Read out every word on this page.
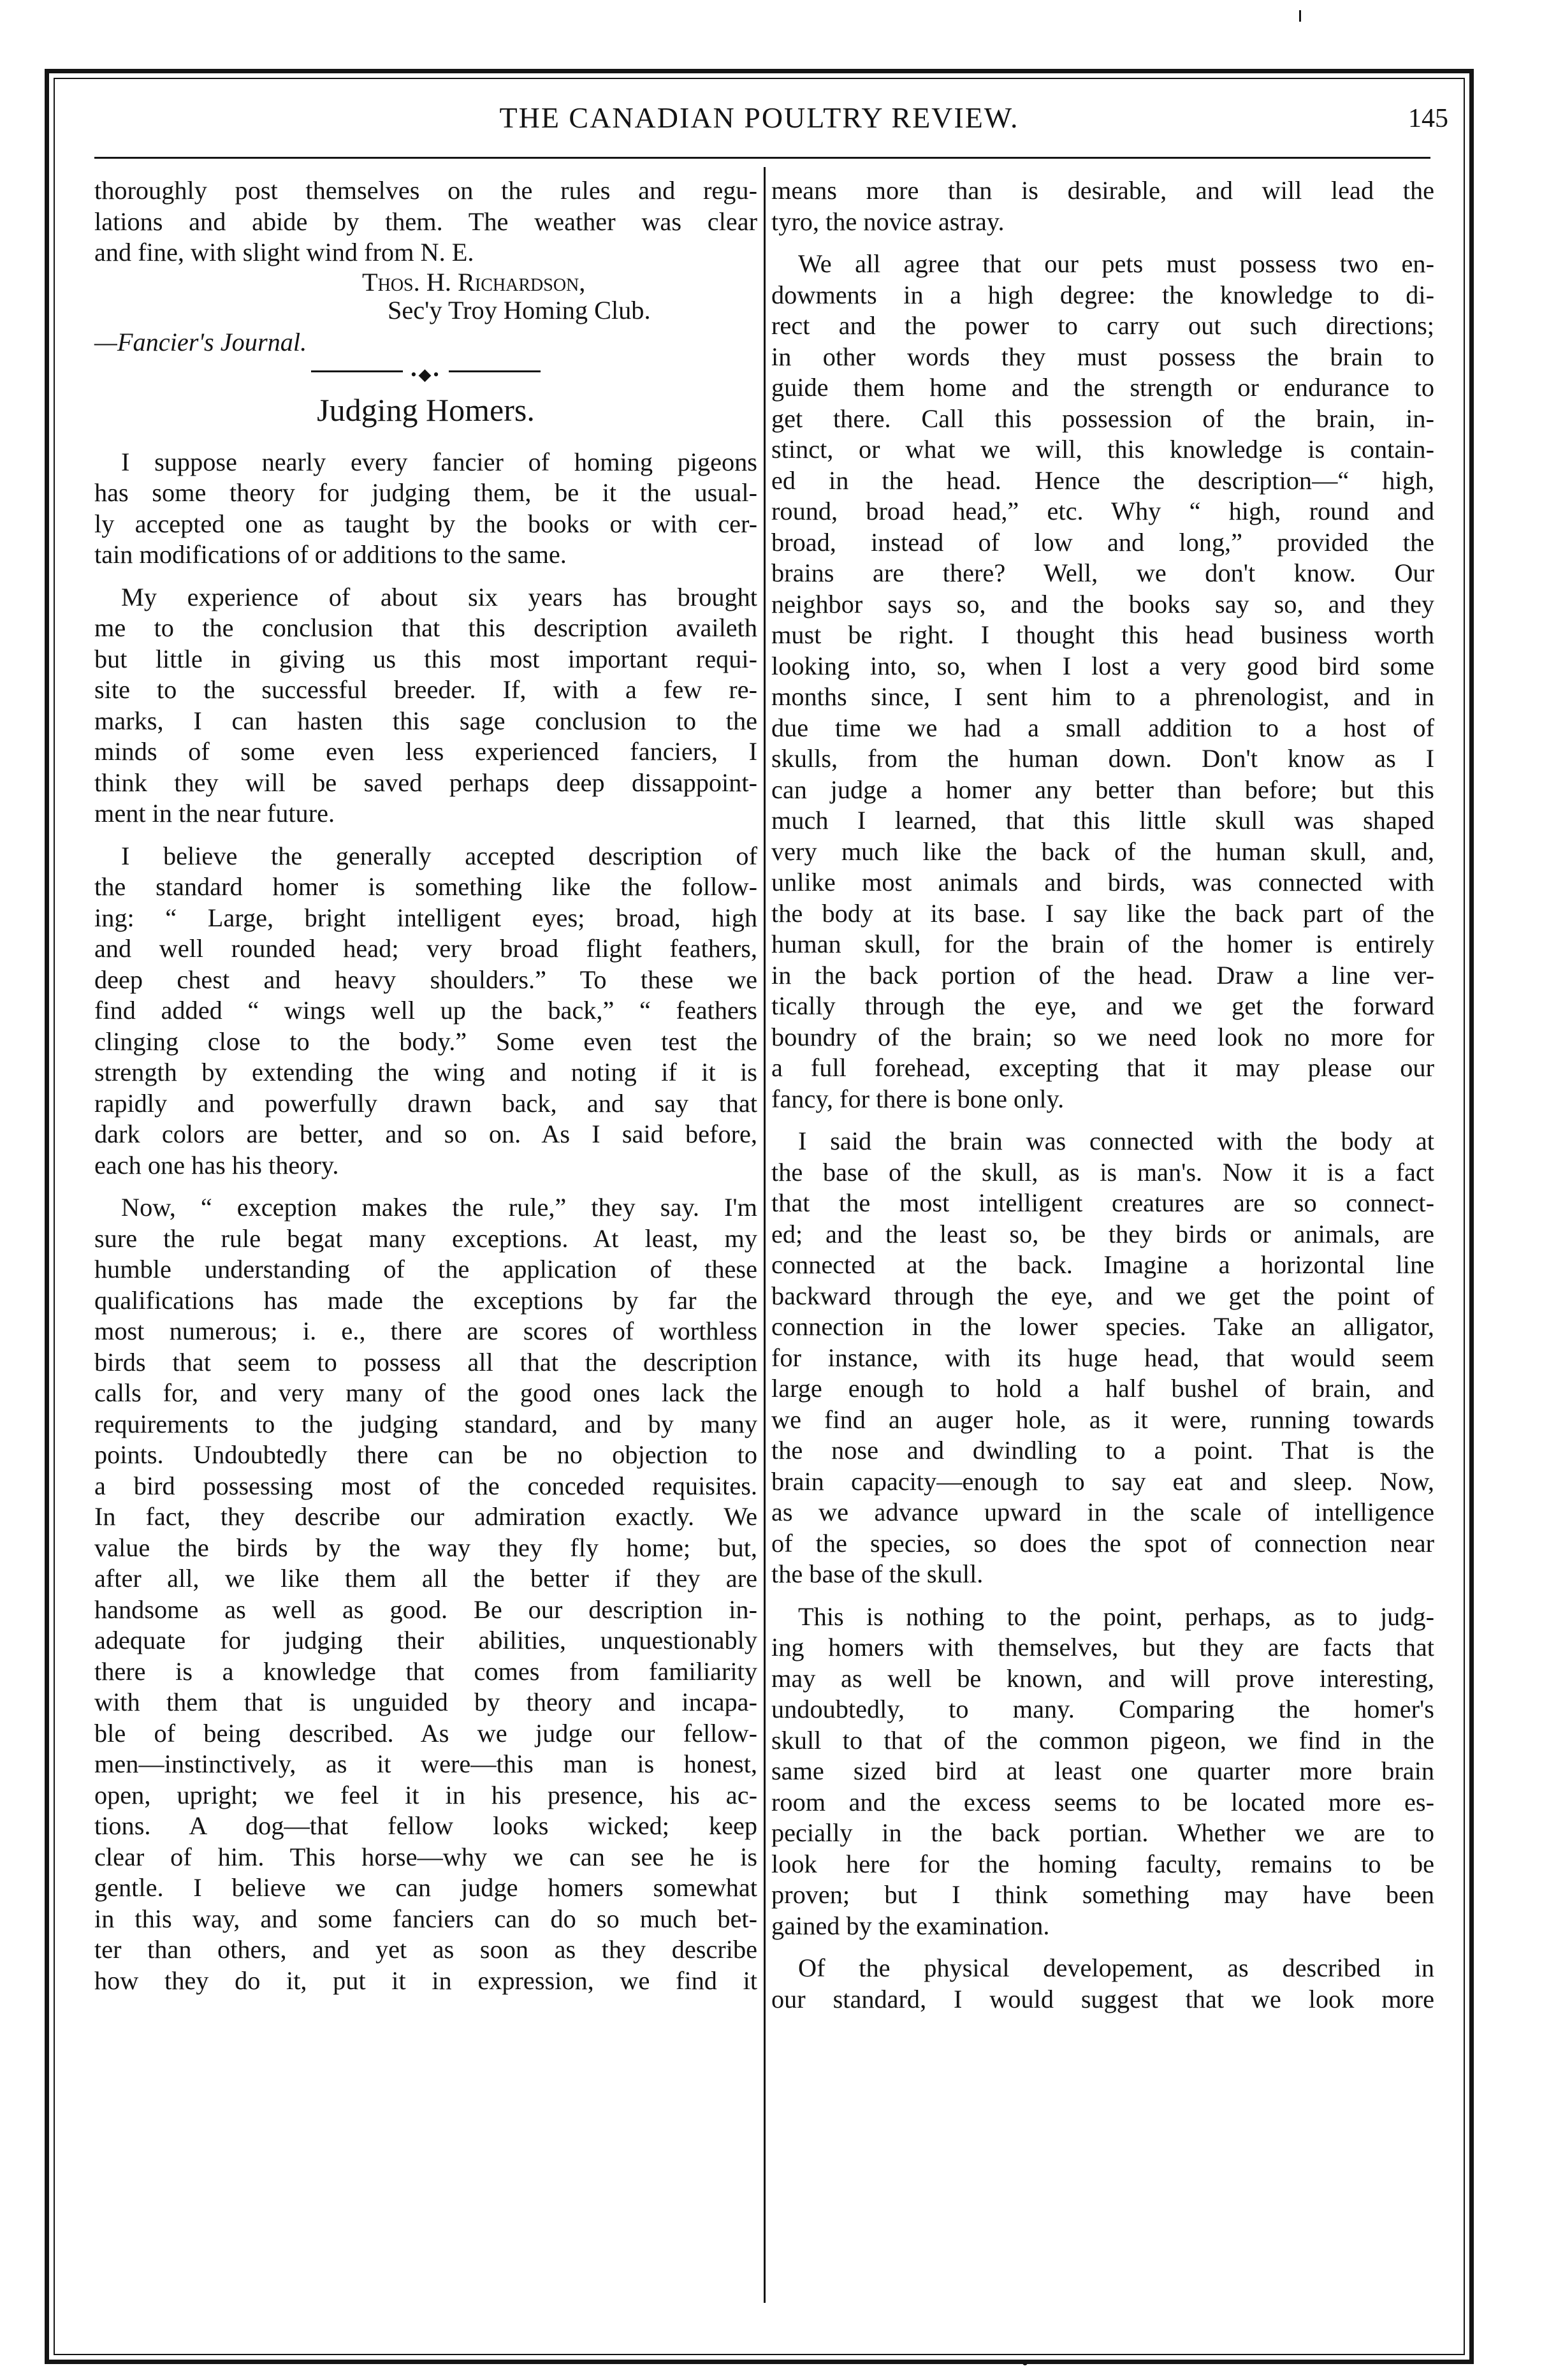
THE CANADIAN POULTRY REVIEW.	145
thoroughly post themselves on the rules and regu-
lations and abide by them. The weather was clear
and fine, with slight wind from N. E.
Thos. H. Richardson,
Sec'y Troy Homing Club.
—Fancier's Journal.
•◆•
Judging Homers.
I suppose nearly every fancier of homing pigeons
has some theory for judging them, be it the usual-
ly accepted one as taught by the books or with cer-
tain modifications of or additions to the same.
My experience of about six years has brought
me to the conclusion that this description availeth
but little in giving us this most important requi-
site to the successful breeder. If, with a few re-
marks, I can hasten this sage conclusion to the
minds of some even less experienced fanciers, I
think they will be saved perhaps deep dissappoint-
ment in the near future.
I believe the generally accepted description of
the standard homer is something like the follow-
ing: “ Large, bright intelligent eyes; broad, high
and well rounded head; very broad flight feathers,
deep chest and heavy shoulders.” To these we
find added “ wings well up the back,” “ feathers
clinging close to the body.” Some even test the
strength by extending the wing and noting if it is
rapidly and powerfully drawn back, and say that
dark colors are better, and so on. As I said before,
each one has his theory.
Now, “ exception makes the rule,” they say. I'm
sure the rule begat many exceptions. At least, my
humble understanding of the application of these
qualifications has made the exceptions by far the
most numerous; i. e., there are scores of worthless
birds that seem to possess all that the description
calls for, and very many of the good ones lack the
requirements to the judging standard, and by many
points. Undoubtedly there can be no objection to
a bird possessing most of the conceded requisites.
In fact, they describe our admiration exactly. We
value the birds by the way they fly home; but,
after all, we like them all the better if they are
handsome as well as good. Be our description in-
adequate for judging their abilities, unquestionably
there is a knowledge that comes from familiarity
with them that is unguided by theory and incapa-
ble of being described. As we judge our fellow-
men—instinctively, as it were—this man is honest,
open, upright; we feel it in his presence, his ac-
tions. A dog—that fellow looks wicked; keep
clear of him. This horse—why we can see he is
gentle. I believe we can judge homers somewhat
in this way, and some fanciers can do so much bet-
ter than others, and yet as soon as they describe
how they do it, put it in expression, we find it
means more than is desirable, and will lead the
tyro, the novice astray.
We all agree that our pets must possess two en-
dowments in a high degree: the knowledge to di-
rect and the power to carry out such directions;
in other words they must possess the brain to
guide them home and the strength or endurance to
get there. Call this possession of the brain, in-
stinct, or what we will, this knowledge is contain-
ed in the head. Hence the description—“ high,
round, broad head,” etc. Why “ high, round and
broad, instead of low and long,” provided the
brains are there? Well, we don't know. Our
neighbor says so, and the books say so, and they
must be right. I thought this head business worth
looking into, so, when I lost a very good bird some
months since, I sent him to a phrenologist, and in
due time we had a small addition to a host of
skulls, from the human down. Don't know as I
can judge a homer any better than before; but this
much I learned, that this little skull was shaped
very much like the back of the human skull, and,
unlike most animals and birds, was connected with
the body at its base. I say like the back part of the
human skull, for the brain of the homer is entirely
in the back portion of the head. Draw a line ver-
tically through the eye, and we get the forward
boundry of the brain; so we need look no more for
a full forehead, excepting that it may please our
fancy, for there is bone only.
I said the brain was connected with the body at
the base of the skull, as is man's. Now it is a fact
that the most intelligent creatures are so connect-
ed; and the least so, be they birds or animals, are
connected at the back. Imagine a horizontal line
backward through the eye, and we get the point of
connection in the lower species. Take an alligator,
for instance, with its huge head, that would seem
large enough to hold a half bushel of brain, and
we find an auger hole, as it were, running towards
the nose and dwindling to a point. That is the
brain capacity—enough to say eat and sleep. Now,
as we advance upward in the scale of intelligence
of the species, so does the spot of connection near
the base of the skull.
This is nothing to the point, perhaps, as to judg-
ing homers with themselves, but they are facts that
may as well be known, and will prove interesting,
undoubtedly, to many. Comparing the homer's
skull to that of the common pigeon, we find in the
same sized bird at least one quarter more brain
room and the excess seems to be located more es-
pecially in the back portian. Whether we are to
look here for the homing faculty, remains to be
proven; but I think something may have been
gained by the examination.
Of the physical developement, as described in
our standard, I would suggest that we look more
